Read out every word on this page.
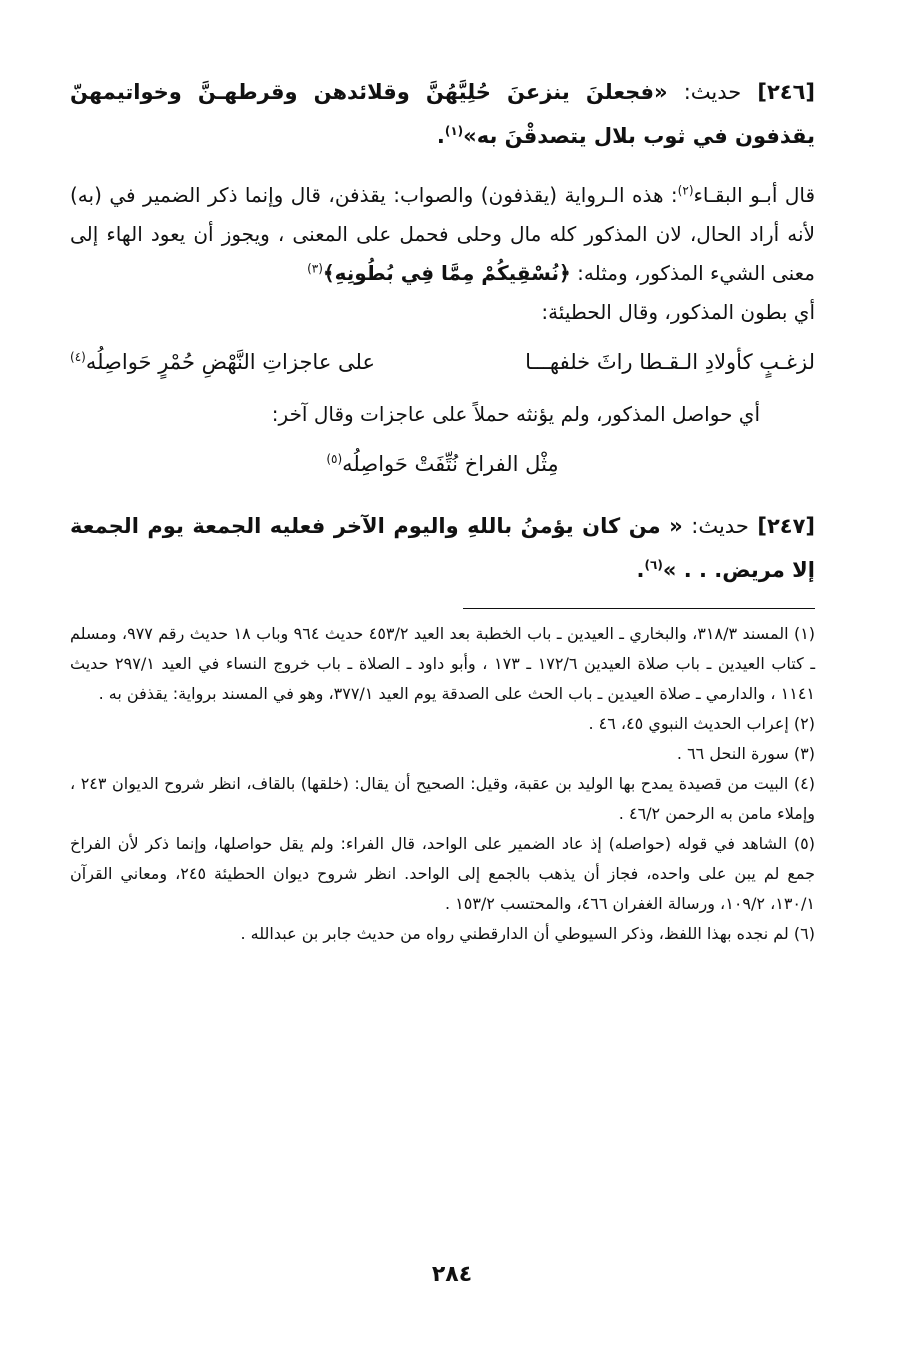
[٢٤٦] حديث: «فجعلنَ ينزعنَ حُلِيَّهُنَّ وقلائدهن وقرطهـنَّ وخواتيمهنّ يقذفون في ثوب بلال يتصدقْنَ به»$^{(١)}$.

قال أبـو البقـاء$^{(٢)}$: هذه الـرواية (يقذفون) والصواب: يقذفن، قال وإنما ذكر الضمير في (به) لأنه أراد الحال، لان المذكور كله مال وحلى فحمل على المعنى ، ويجوز أن يعود الهاء إلى معنى الشيء المذكور، ومثله: ﴿نُسْقِيكُمْ مِمَّا فِي بُطُونِهِ﴾$^{(٣)}$
أي بطون المذكور، وقال الحطيئة:

لزغـبٍ كأولادِ الـقـطا راثَ خلفهـــا
على عاجزاتِ النَّهْضِ حُمْرٍ حَواصِلُه$^{(٤)}$

أي حواصل المذكور، ولم يؤنثه حملاً على عاجزات وقال آخر:

مِثْل الفراخ نُتِّفَتْ حَواصِلُه$^{(٥)}$

[٢٤٧] حديث: « من كان يؤمنُ باللهِ واليوم الآخر فعليه الجمعة يوم الجمعة إلا مريض. . . »$^{(٦)}$.

(١) المسند ٣١٨/٣، والبخاري ـ العيدين ـ باب الخطبة بعد العيد ٤٥٣/٢ حديث ٩٦٤ وباب ١٨ حديث رقم ٩٧٧، ومسلم ـ كتاب العيدين ـ باب صلاة العيدين ١٧٢/٦ ـ ١٧٣ ، وأبو داود ـ الصلاة ـ باب خروج النساء في العيد ٢٩٧/١ حديث ١١٤١ ، والدارمي ـ صلاة العيدين ـ باب الحث على الصدقة يوم العيد ٣٧٧/١، وهو في المسند برواية: يقذفن به .

(٢) إعراب الحديث النبوي ٤٥، ٤٦ .

(٣) سورة النحل ٦٦ .

(٤) البيت من قصيدة يمدح بها الوليد بن عقبة، وقيل: الصحيح أن يقال: (خلقها) بالقاف، انظر شروح الديوان ٢٤٣ ، وإملاء مامن به الرحمن ٤٦/٢ .

(٥) الشاهد في قوله (حواصله) إذ عاد الضمير على الواحد، قال الفراء: ولم يقل حواصلها، وإنما ذكر لأن الفراخ جمع لم يبن على واحده، فجاز أن يذهب بالجمع إلى الواحد. انظر شروح ديوان الحطيئة ٢٤٥، ومعاني القرآن ١٣٠/١، ١٠٩/٢، ورسالة الغفران ٤٦٦، والمحتسب ١٥٣/٢ .

(٦) لم نجده بهذا اللفظ، وذكر السيوطي أن الدارقطني رواه من حديث جابر بن عبدالله .

٢٨٤
